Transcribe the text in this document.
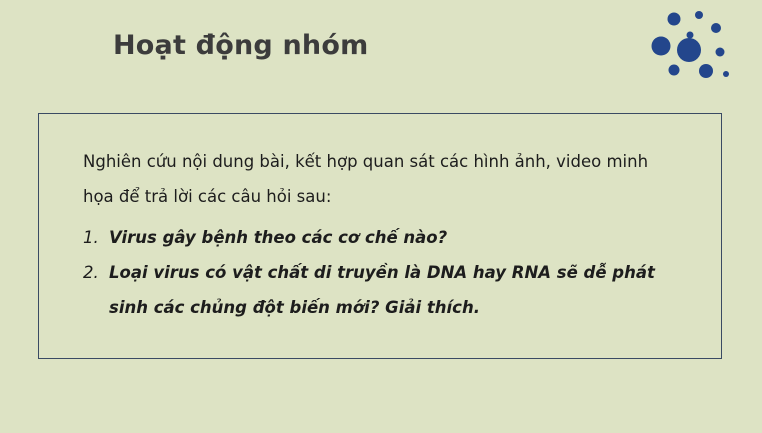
Hoạt động nhóm
Nghiên cứu nội dung bài, kết hợp quan sát các hình ảnh, video minh họa để trả lời các câu hỏi sau:
1. Virus gây bệnh theo các cơ chế nào?
2. Loại virus có vật chất di truyền là DNA hay RNA sẽ dễ phát sinh các chủng đột biến mới? Giải thích.
